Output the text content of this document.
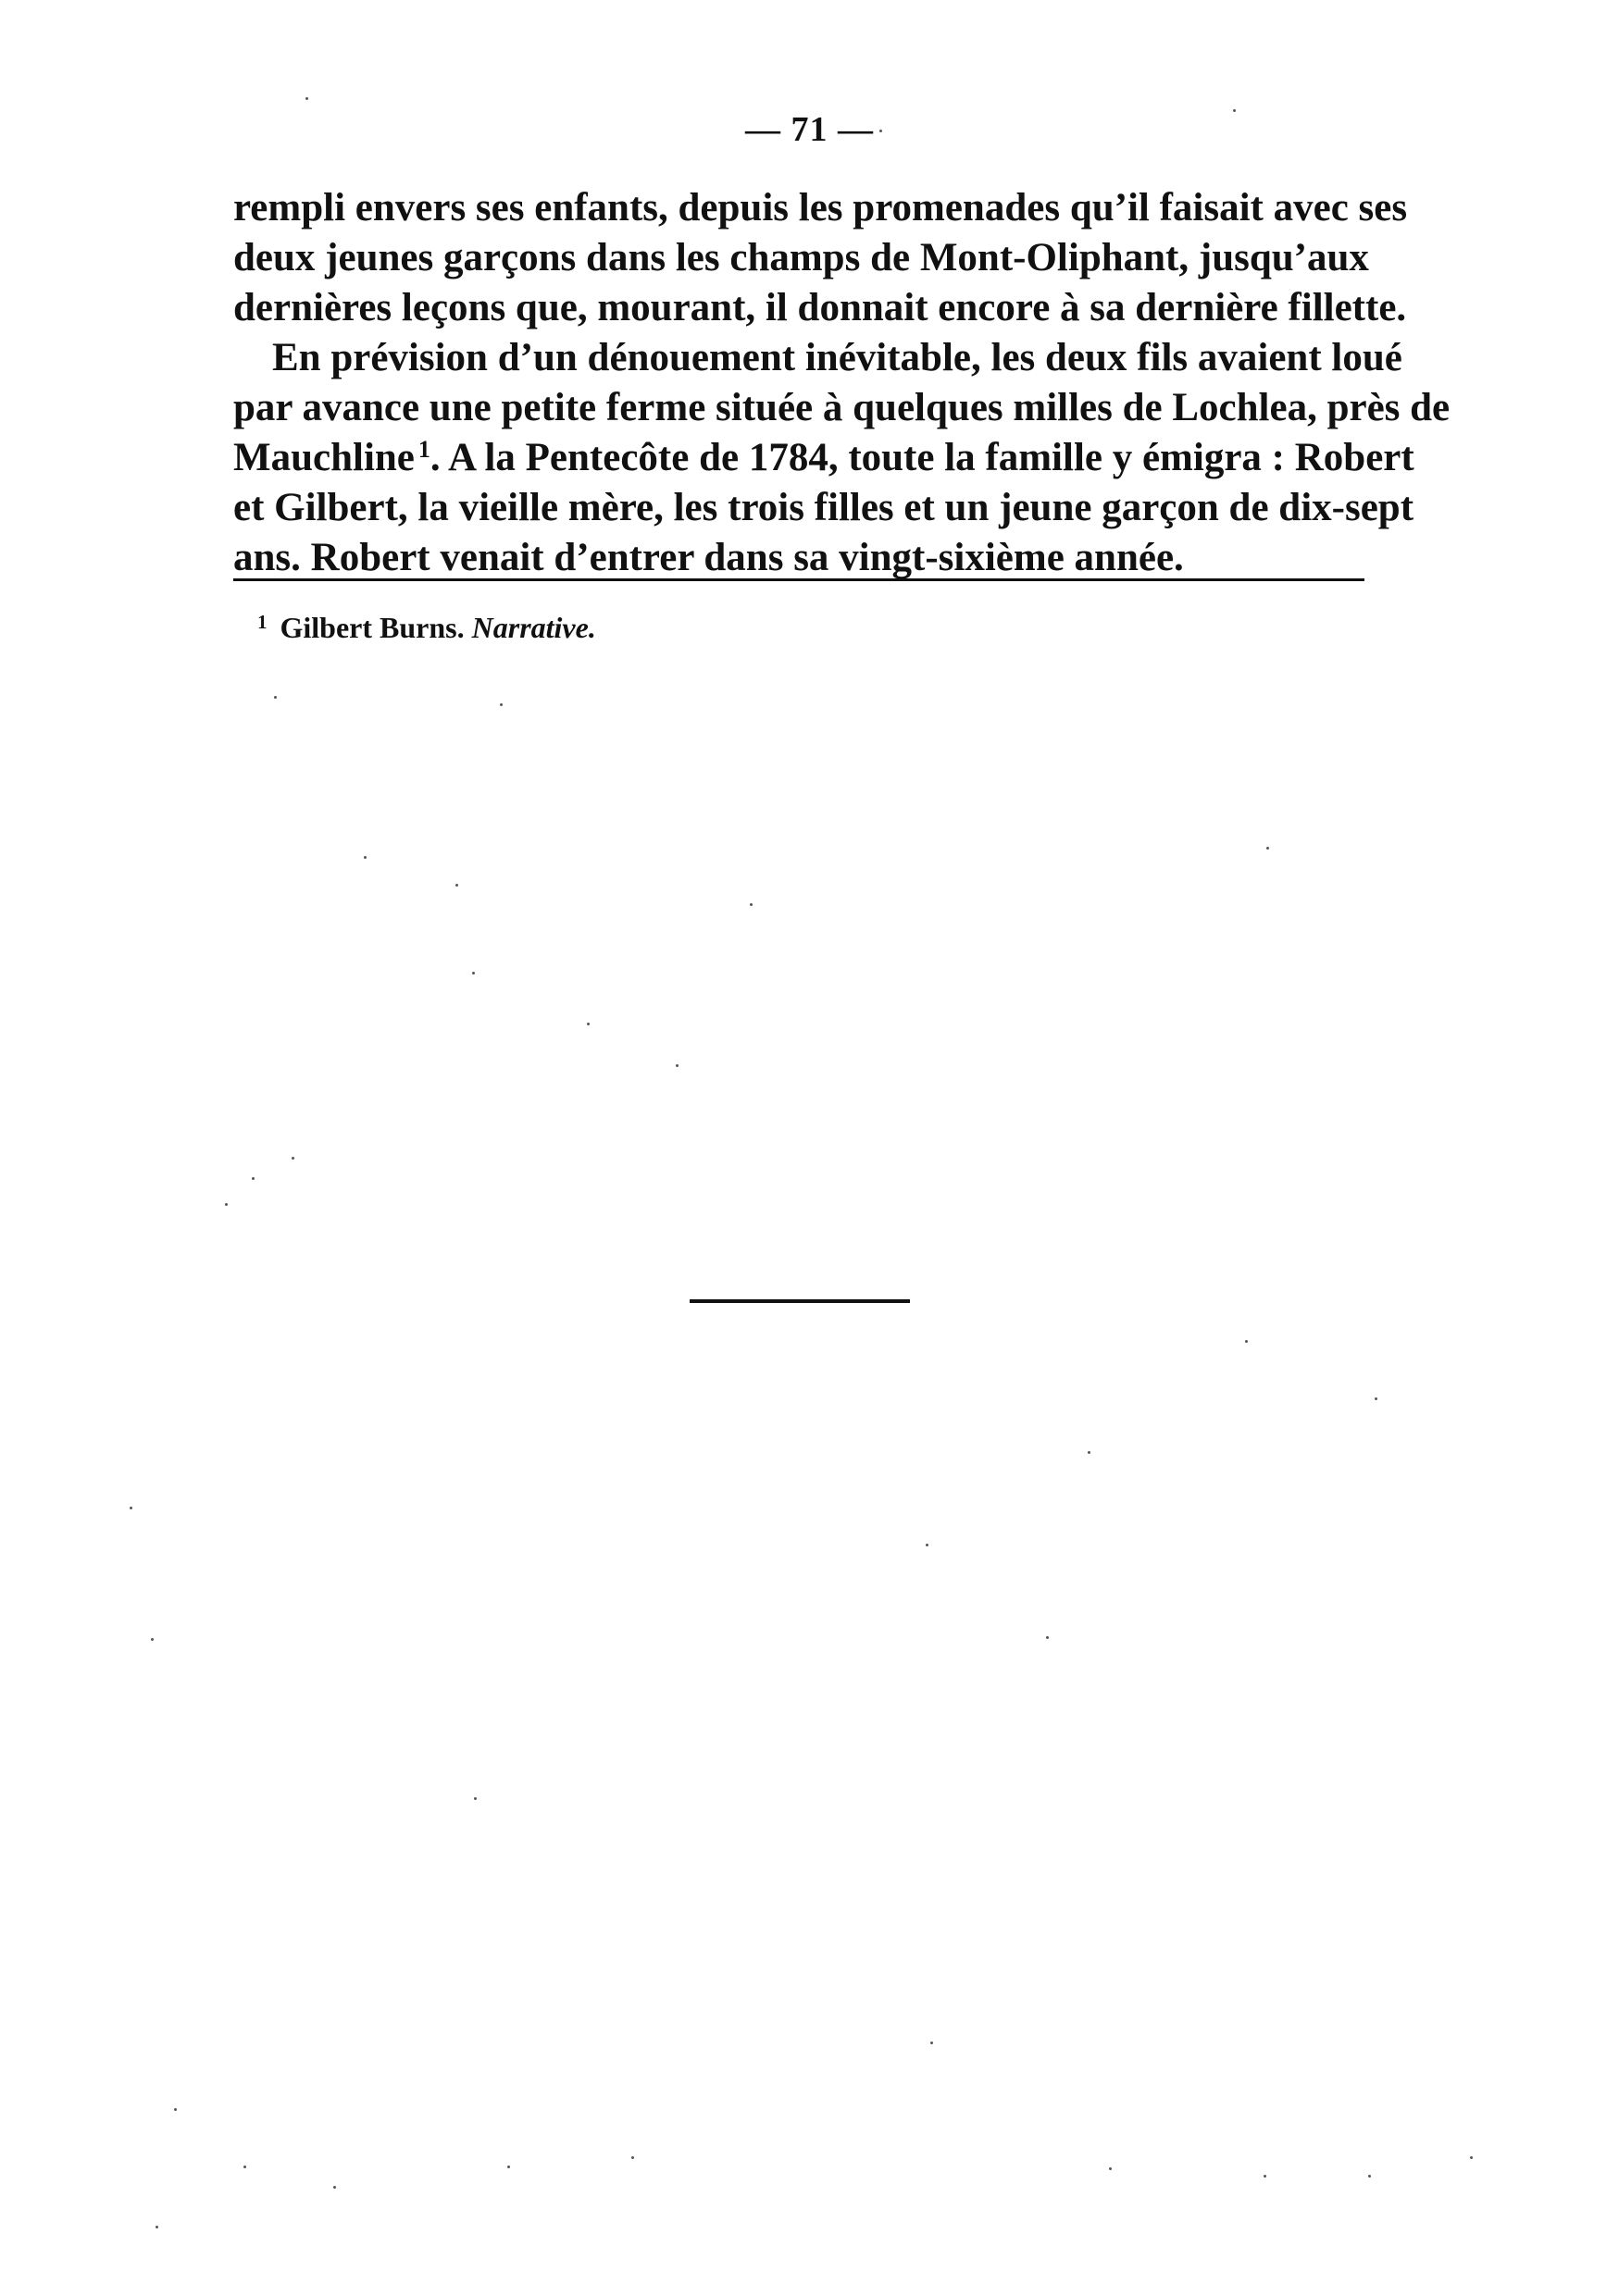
— 71 —
rempli envers ses enfants, depuis les promenades qu’il faisait avec ses
deux jeunes garçons dans les champs de Mont-Oliphant, jusqu’aux
dernières leçons que, mourant, il donnait encore à sa dernière fillette.
En prévision d’un dénouement inévitable, les deux fils avaient loué
par avance une petite ferme située à quelques milles de Lochlea, près de
Mauchline $^1$. A la Pentecôte de 1784, toute la famille y émigra : Robert
et Gilbert, la vieille mère, les trois filles et un jeune garçon de dix-sept
ans. Robert venait d’entrer dans sa vingt-sixième année.
$^1$ Gilbert Burns. Narrative.
